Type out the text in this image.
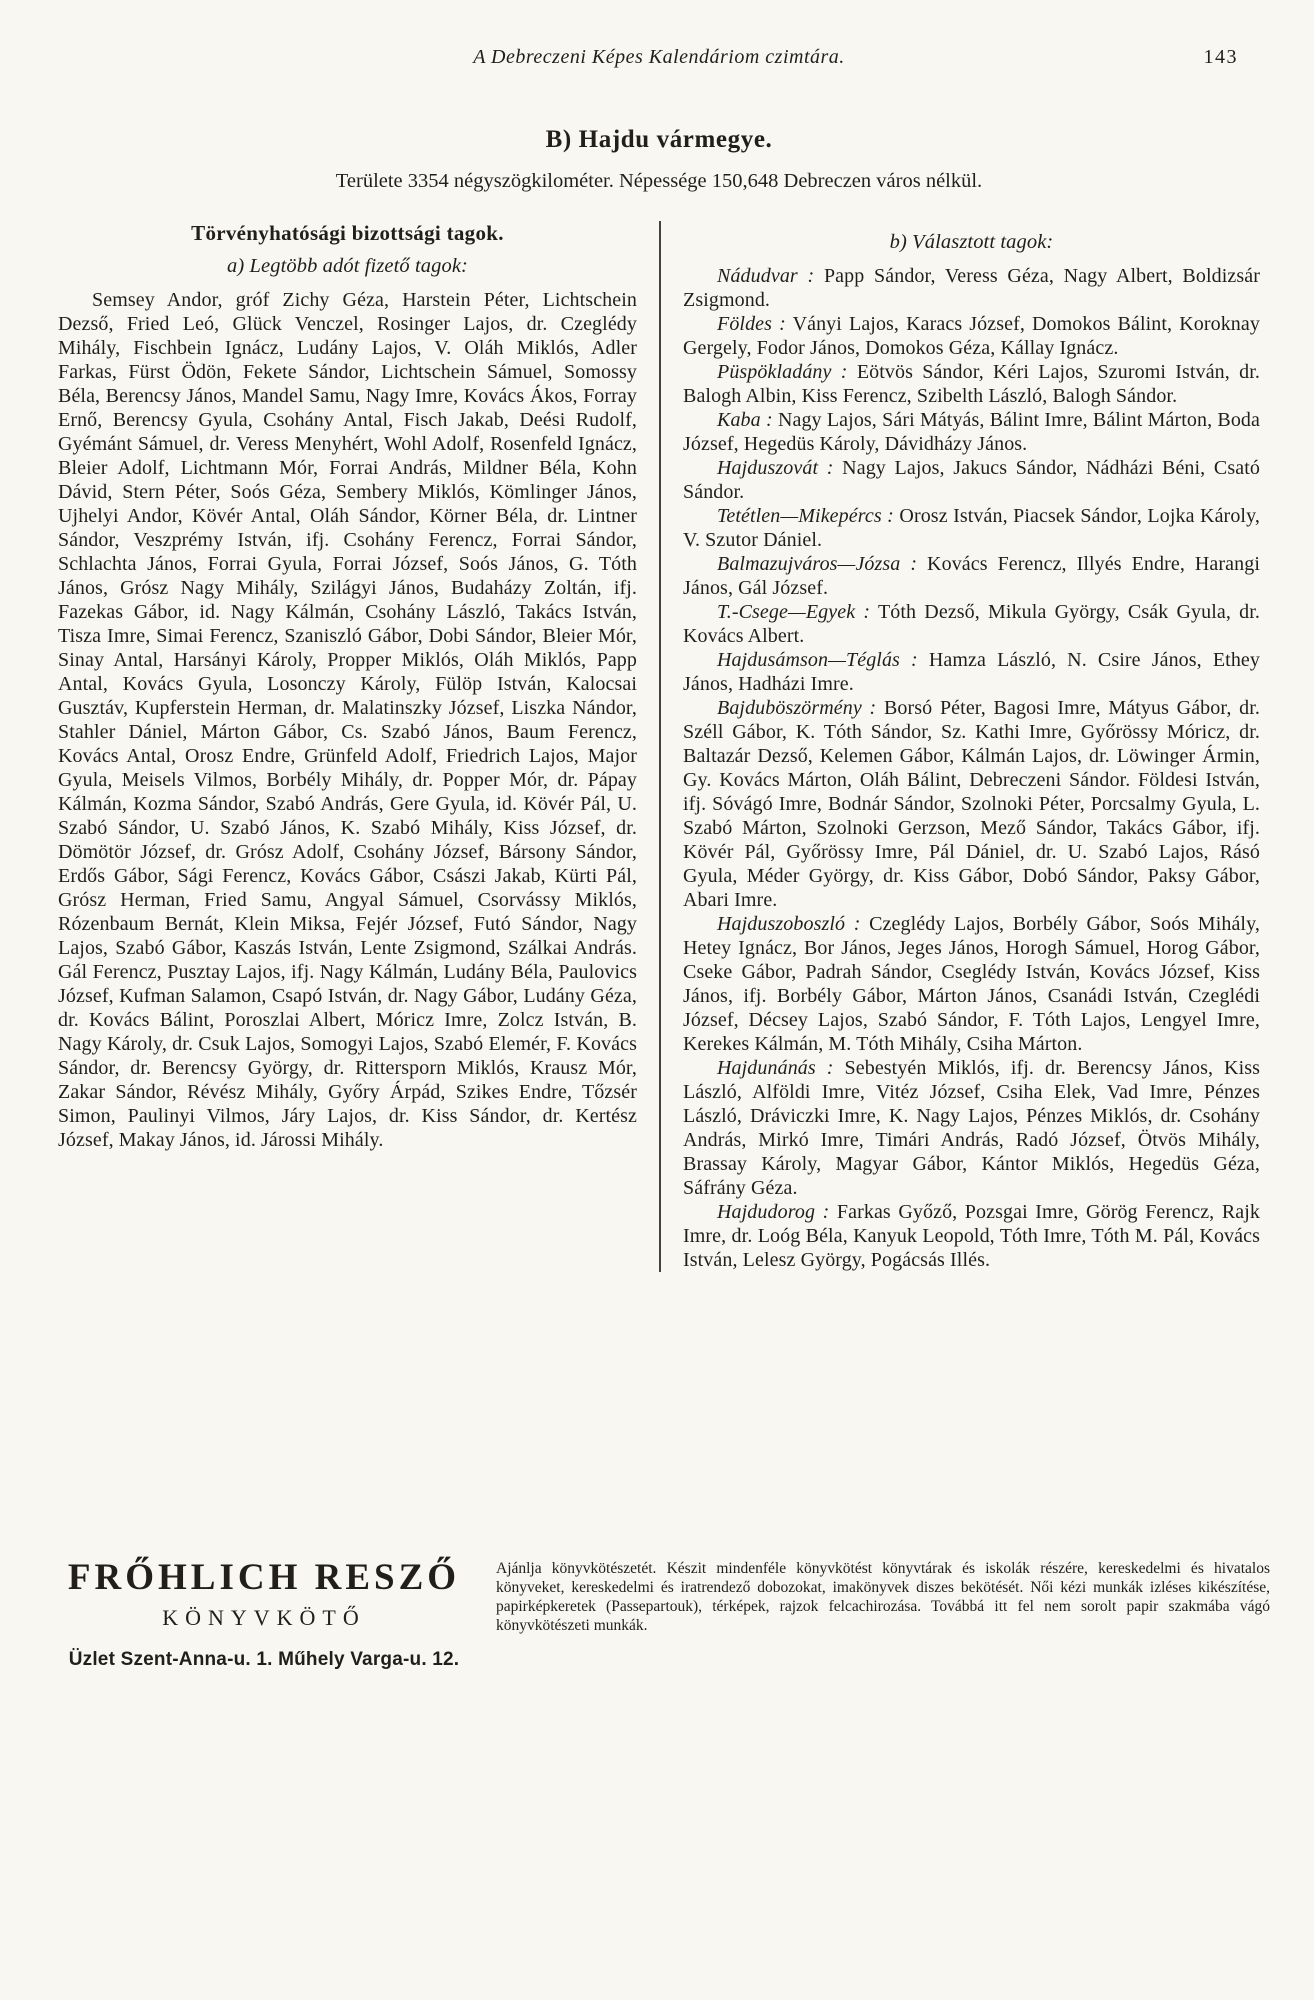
A Debreczeni Képes Kalendáriom czimtára.	143
B) Hajdu vármegye.

Területe 3354 négyszögkilométer. Népessége 150,648 Debreczen város nélkül.

Törvényhatósági bizottsági tagok.

a) Legtöbb adót fizető tagok:

Semsey Andor, gróf Zichy Géza, Harstein Péter, Lichtschein Dezső, Fried Leó, Glück Venczel, Rosinger Lajos, dr. Czeglédy Mihály, Fischbein Ignácz, Ludány Lajos, V. Oláh Miklós, Adler Farkas, Fürst Ödön, Fekete Sándor, Lichtschein Sámuel, Somossy Béla, Berencsy János, Mandel Samu, Nagy Imre, Kovács Ákos, Forray Ernő, Berencsy Gyula, Csohány Antal, Fisch Jakab, Deési Rudolf, Gyémánt Sámuel, dr. Veress Menyhért, Wohl Adolf, Rosenfeld Ignácz, Bleier Adolf, Lichtmann Mór, Forrai András, Mildner Béla, Kohn Dávid, Stern Péter, Soós Géza, Sembery Miklós, Kömlinger János, Ujhelyi Andor, Kövér Antal, Oláh Sándor, Körner Béla, dr. Lintner Sándor, Veszprémy István, ifj. Csohány Ferencz, Forrai Sándor, Schlachta János, Forrai Gyula, Forrai József, Soós János, G. Tóth János, Grósz Nagy Mihály, Szilágyi János, Budaházy Zoltán, ifj. Fazekas Gábor, id. Nagy Kálmán, Csohány László, Takács István, Tisza Imre, Simai Ferencz, Szaniszló Gábor, Dobi Sándor, Bleier Mór, Sinay Antal, Harsányi Károly, Propper Miklós, Oláh Miklós, Papp Antal, Kovács Gyula, Losonczy Károly, Fülöp István, Kalocsai Gusztáv, Kupferstein Herman, dr. Malatinszky József, Liszka Nándor, Stahler Dániel, Márton Gábor, Cs. Szabó János, Baum Ferencz, Kovács Antal, Orosz Endre, Grünfeld Adolf, Friedrich Lajos, Major Gyula, Meisels Vilmos, Borbély Mihály, dr. Popper Mór, dr. Pápay Kálmán, Kozma Sándor, Szabó András, Gere Gyula, id. Kövér Pál, U. Szabó Sándor, U. Szabó János, K. Szabó Mihály, Kiss József, dr. Dömötör József, dr. Grósz Adolf, Csohány József, Bársony Sándor, Erdős Gábor, Sági Ferencz, Kovács Gábor, Császi Jakab, Kürti Pál, Grósz Herman, Fried Samu, Angyal Sámuel, Csorvássy Miklós, Rózenbaum Bernát, Klein Miksa, Fejér József, Futó Sándor, Nagy Lajos, Szabó Gábor, Kaszás István, Lente Zsigmond, Szálkai András. Gál Ferencz, Pusztay Lajos, ifj. Nagy Kálmán, Ludány Béla, Paulovics József, Kufman Salamon, Csapó István, dr. Nagy Gábor, Ludány Géza, dr. Kovács Bálint, Poroszlai Albert, Móricz Imre, Zolcz István, B. Nagy Károly, dr. Csuk Lajos, Somogyi Lajos, Szabó Elemér, F. Kovács Sándor, dr. Berencsy György, dr. Rittersporn Miklós, Krausz Mór, Zakar Sándor, Révész Mihály, Győry Árpád, Szikes Endre, Tőzsér Simon, Paulinyi Vilmos, Járy Lajos, dr. Kiss Sándor, dr. Kertész József, Makay János, id. Járossi Mihály.

b) Választott tagok:

Nádudvar : Papp Sándor, Veress Géza, Nagy Albert, Boldizsár Zsigmond.

Földes : Ványi Lajos, Karacs József, Domokos Bálint, Koroknay Gergely, Fodor János, Domokos Géza, Kállay Ignácz.

Püspökladány : Eötvös Sándor, Kéri Lajos, Szuromi István, dr. Balogh Albin, Kiss Ferencz, Szibelth László, Balogh Sándor.

Kaba : Nagy Lajos, Sári Mátyás, Bálint Imre, Bálint Márton, Boda József, Hegedüs Károly, Dávidházy János.

Hajduszovát : Nagy Lajos, Jakucs Sándor, Nádházi Béni, Csató Sándor.

Tetétlen—Mikepércs : Orosz István, Piacsek Sándor, Lojka Károly, V. Szutor Dániel.

Balmazujváros—Józsa : Kovács Ferencz, Illyés Endre, Harangi János, Gál József.

T.-Csege—Egyek : Tóth Dezső, Mikula György, Csák Gyula, dr. Kovács Albert.

Hajdusámson—Téglás : Hamza László, N. Csire János, Ethey János, Hadházi Imre.

Bajduböszörmény : Borsó Péter, Bagosi Imre, Mátyus Gábor, dr. Széll Gábor, K. Tóth Sándor, Sz. Kathi Imre, Győrössy Móricz, dr. Baltazár Dezső, Kelemen Gábor, Kálmán Lajos, dr. Löwinger Ármin, Gy. Kovács Márton, Oláh Bálint, Debreczeni Sándor. Földesi István, ifj. Sóvágó Imre, Bodnár Sándor, Szolnoki Péter, Porcsalmy Gyula, L. Szabó Márton, Szolnoki Gerzson, Mező Sándor, Takács Gábor, ifj. Kövér Pál, Győrössy Imre, Pál Dániel, dr. U. Szabó Lajos, Rásó Gyula, Méder György, dr. Kiss Gábor, Dobó Sándor, Paksy Gábor, Abari Imre.

Hajduszoboszló : Czeglédy Lajos, Borbély Gábor, Soós Mihály, Hetey Ignácz, Bor János, Jeges János, Horogh Sámuel, Horog Gábor, Cseke Gábor, Padrah Sándor, Cseglédy István, Kovács József, Kiss János, ifj. Borbély Gábor, Márton János, Csanádi István, Czeglédi József, Décsey Lajos, Szabó Sándor, F. Tóth Lajos, Lengyel Imre, Kerekes Kálmán, M. Tóth Mihály, Csiha Márton.

Hajdunánás : Sebestyén Miklós, ifj. dr. Berencsy János, Kiss László, Alföldi Imre, Vitéz József, Csiha Elek, Vad Imre, Pénzes László, Dráviczki Imre, K. Nagy Lajos, Pénzes Miklós, dr. Csohány András, Mirkó Imre, Timári András, Radó József, Ötvös Mihály, Brassay Károly, Magyar Gábor, Kántor Miklós, Hegedüs Géza, Sáfrány Géza.

Hajdudorog : Farkas Győző, Pozsgai Imre, Görög Ferencz, Rajk Imre, dr. Loóg Béla, Kanyuk Leopold, Tóth Imre, Tóth M. Pál, Kovács István, Lelesz György, Pogácsás Illés.

FRŐHLICH RESZŐ
KÖNYVKÖTŐ
Üzlet Szent-Anna-u. 1. Műhely Varga-u. 12.
Ajánlja könyvkötészetét. Készit mindenféle könyvkötést könyvtárak és iskolák részére, kereskedelmi és hivatalos könyveket, kereskedelmi és iratrendező dobozokat, imakönyvek diszes bekötését. Női kézi munkák izléses kikészítése, papirképkeretek (Passepartouk), térképek, rajzok felcachirozása. Továbbá itt fel nem sorolt papir szakmába vágó könyvkötészeti munkák.
